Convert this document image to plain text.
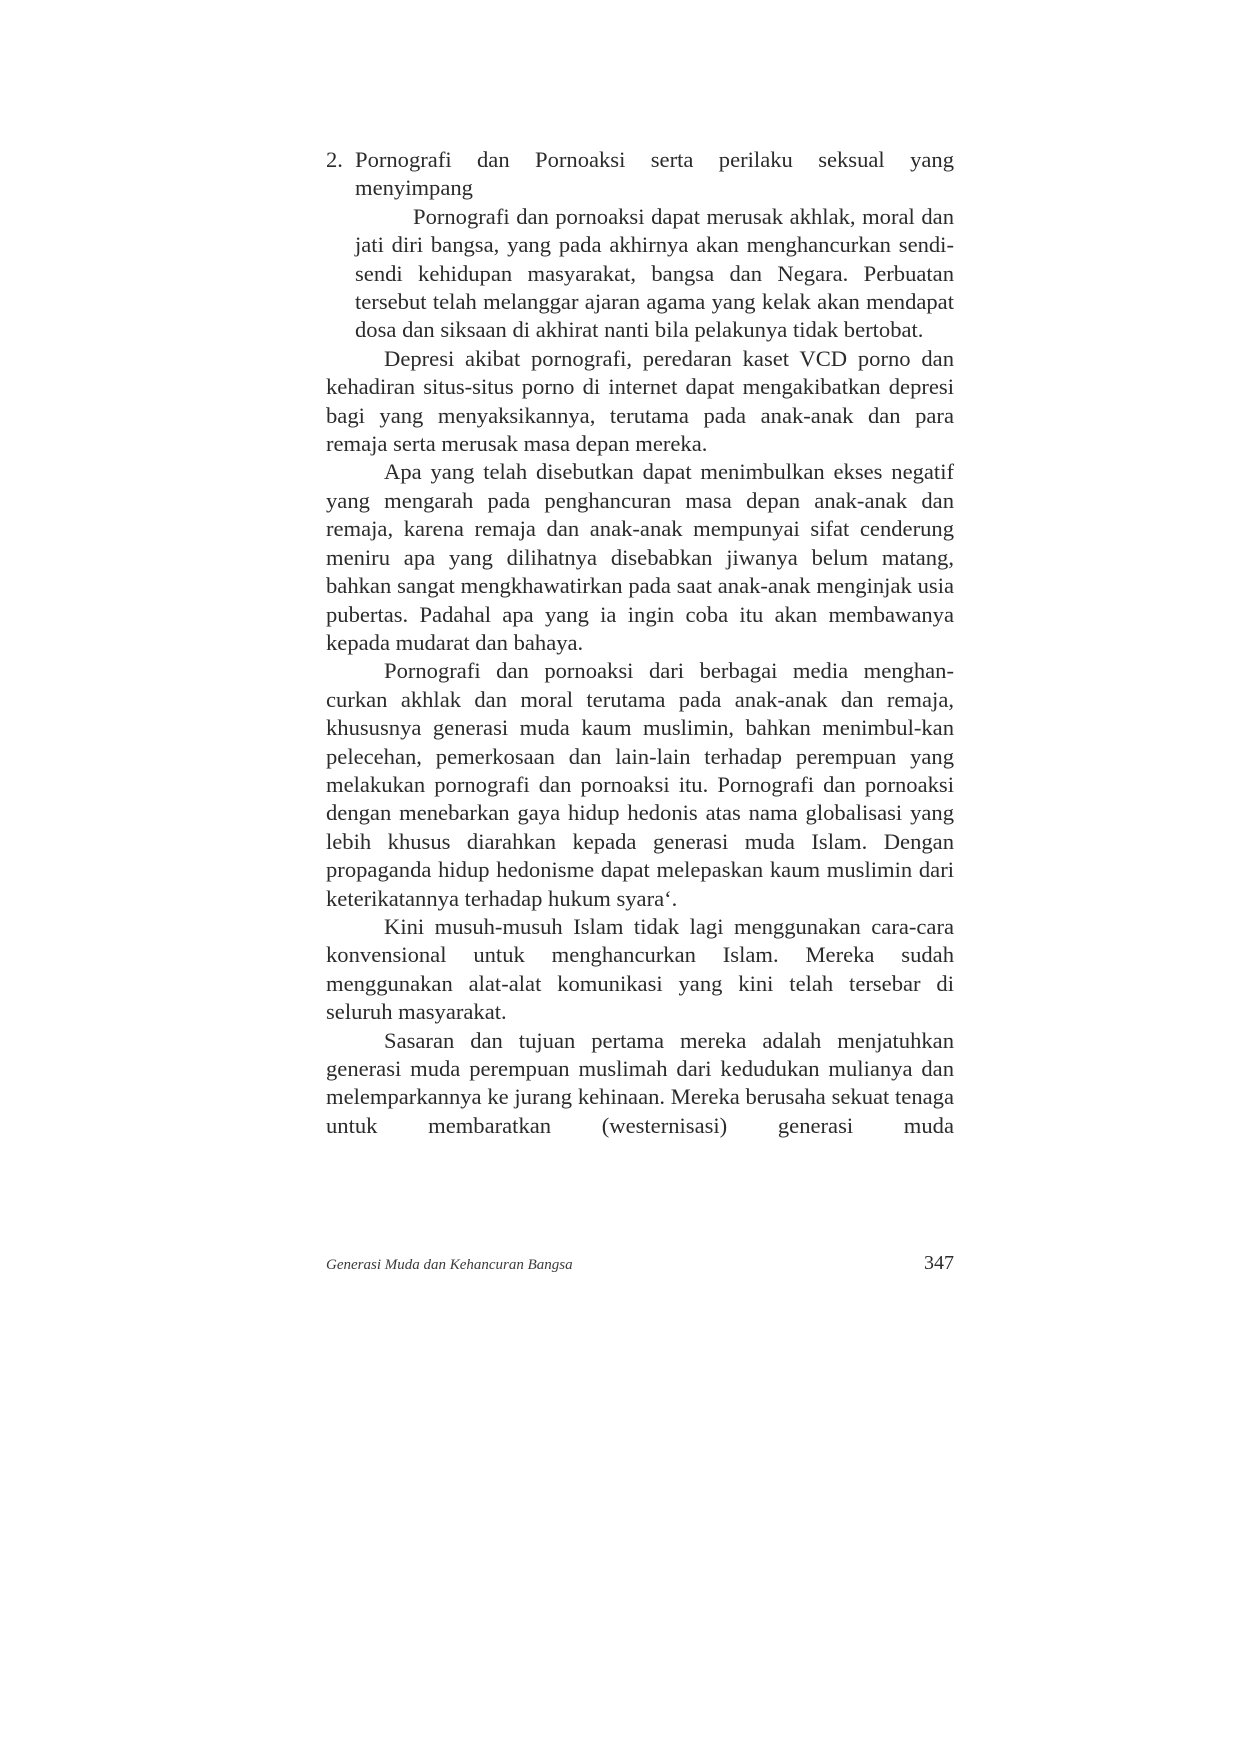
2. Pornografi dan Pornoaksi serta perilaku seksual yang

menyimpang

Pornografi dan pornoaksi dapat merusak akhlak, moral dan jati diri bangsa, yang pada akhirnya akan menghancurkan sendi-sendi kehidupan masyarakat, bangsa dan Negara. Perbuatan tersebut telah melanggar ajaran agama yang kelak akan mendapat dosa dan siksaan di akhirat nanti bila pelakunya tidak bertobat.

Depresi akibat pornografi, peredaran kaset VCD porno dan kehadiran situs-situs porno di internet dapat mengakibatkan depresi bagi yang menyaksikannya, terutama pada anak-anak dan para remaja serta merusak masa depan mereka.

Apa yang telah disebutkan dapat menimbulkan ekses negatif yang mengarah pada penghancuran masa depan anak-anak dan remaja, karena remaja dan anak-anak mempunyai sifat cenderung meniru apa yang dilihatnya disebabkan jiwanya belum matang, bahkan sangat mengkhawatirkan pada saat anak-anak menginjak usia pubertas. Padahal apa yang ia ingin coba itu akan membawanya kepada mudarat dan bahaya.

Pornografi dan pornoaksi dari berbagai media menghan-curkan akhlak dan moral terutama pada anak-anak dan remaja, khususnya generasi muda kaum muslimin, bahkan menimbul-kan pelecehan, pemerkosaan dan lain-lain terhadap perempuan yang melakukan pornografi dan pornoaksi itu. Pornografi dan pornoaksi dengan menebarkan gaya hidup hedonis atas nama globalisasi yang lebih khusus diarahkan kepada generasi muda Islam. Dengan propaganda hidup hedonisme dapat melepaskan kaum muslimin dari keterikatannya terhadap hukum syara‘.

Kini musuh-musuh Islam tidak lagi menggunakan cara-cara konvensional untuk menghancurkan Islam. Mereka sudah menggunakan alat-alat komunikasi yang kini telah tersebar di seluruh masyarakat.

Sasaran dan tujuan pertama mereka adalah menjatuhkan generasi muda perempuan muslimah dari kedudukan mulianya dan melemparkannya ke jurang kehinaan. Mereka berusaha sekuat tenaga untuk membaratkan (westernisasi) generasi muda

Generasi Muda dan Kehancuran Bangsa	347
